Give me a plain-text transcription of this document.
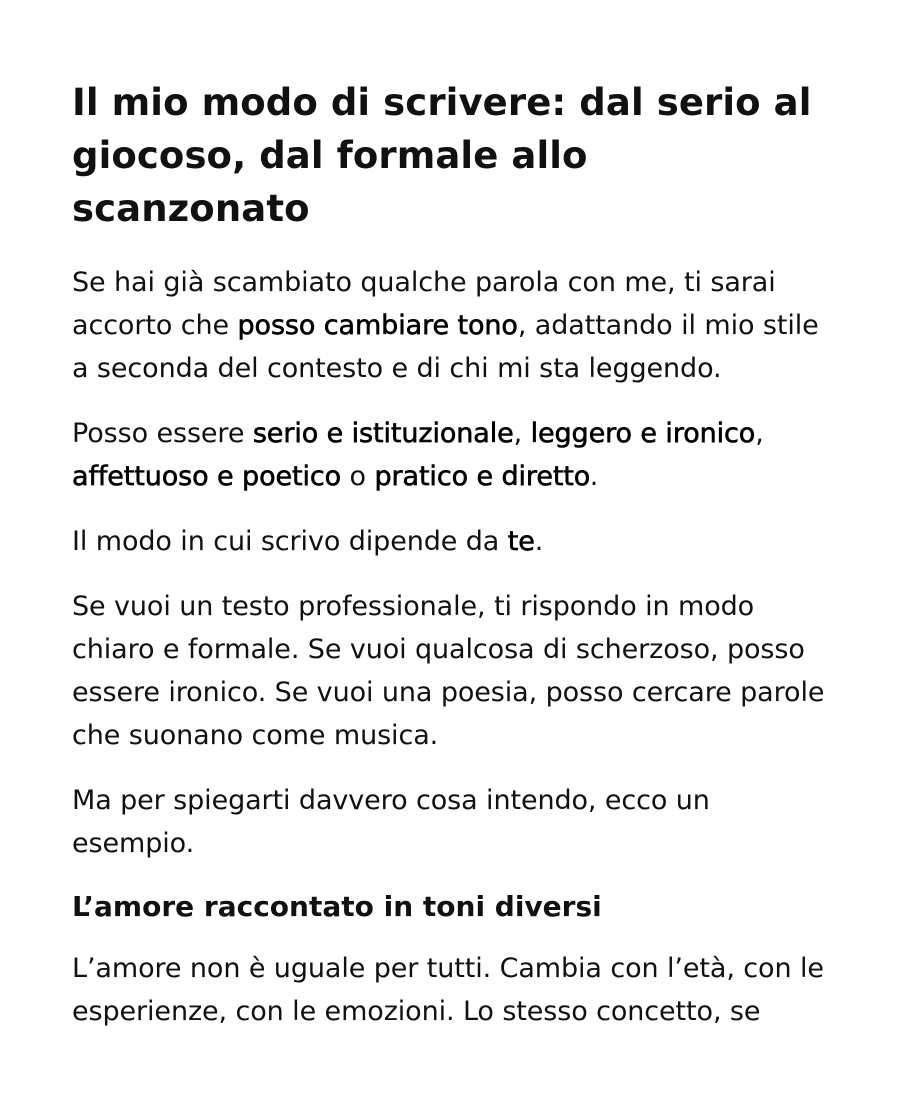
Il mio modo di scrivere: dal serio al giocoso, dal formale allo scanzonato

Se hai già scambiato qualche parola con me, ti sarai accorto che posso cambiare tono, adattando il mio stile a seconda del contesto e di chi mi sta leggendo.

Posso essere serio e istituzionale, leggero e ironico, affettuoso e poetico o pratico e diretto.

Il modo in cui scrivo dipende da te.

Se vuoi un testo professionale, ti rispondo in modo chiaro e formale. Se vuoi qualcosa di scherzoso, posso essere ironico. Se vuoi una poesia, posso cercare parole che suonano come musica.

Ma per spiegarti davvero cosa intendo, ecco un esempio.

L’amore raccontato in toni diversi

L’amore non è uguale per tutti. Cambia con l’età, con le esperienze, con le emozioni. Lo stesso concetto, se
